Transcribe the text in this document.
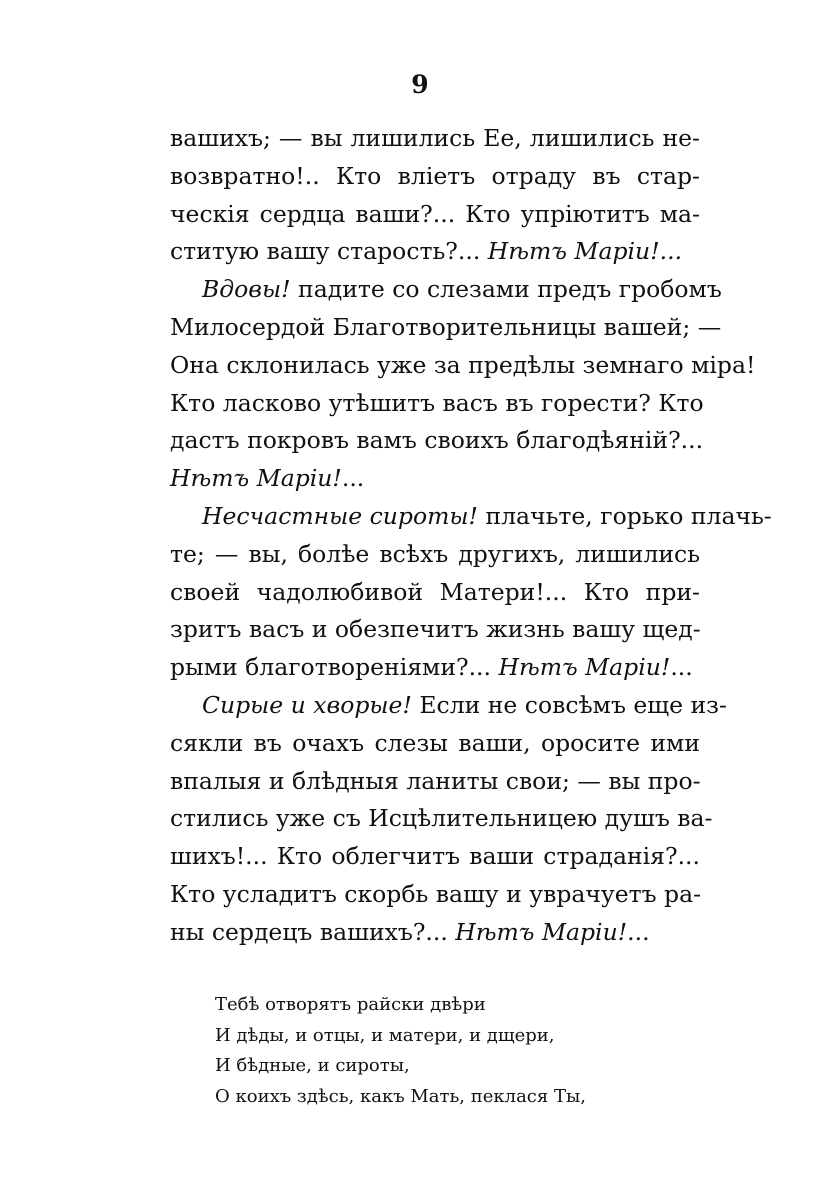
9
вашихъ; — вы лишились Ее, лишились не-
возвратно!.. Кто влiетъ отраду въ стар-
ческiя сердца ваши?... Кто упрiютитъ ма-
ститую вашу старость?... Нѣтъ Марiи!...
Вдовы! падите со слезами предъ гробомъ
Милосердой Благотворительницы вашей; —
Она склонилась уже за предѣлы земнаго мiра!
Кто ласково утѣшитъ васъ въ горести? Кто
дастъ покровъ вамъ своихъ благодѣянiй?...
Нѣтъ Марiи!...
Несчастные сироты! плачьте, горько плачь-
те; — вы, болѣе всѣхъ другихъ, лишились
своей чадолюбивой Матери!... Кто при-
зритъ васъ и обезпечитъ жизнь вашу щед-
рыми благотворенiями?... Нѣтъ Марiи!...
Сирые и хворые! Если не совсѣмъ еще из-
сякли въ очахъ слезы ваши, оросите ими
впалыя и блѣдныя ланиты свои; — вы про-
стились уже съ Исцѣлительницею душъ ва-
шихъ!... Кто облегчитъ ваши страданiя?...
Кто усладитъ скорбь вашу и уврачуетъ ра-
ны сердецъ вашихъ?... Нѣтъ Марiи!...
Тебѣ отворятъ райски двѣри
И дѣды, и отцы, и матери, и дщери,
И бѣдные, и сироты,
О коихъ здѣсь, какъ Мать, пеклася Ты,
